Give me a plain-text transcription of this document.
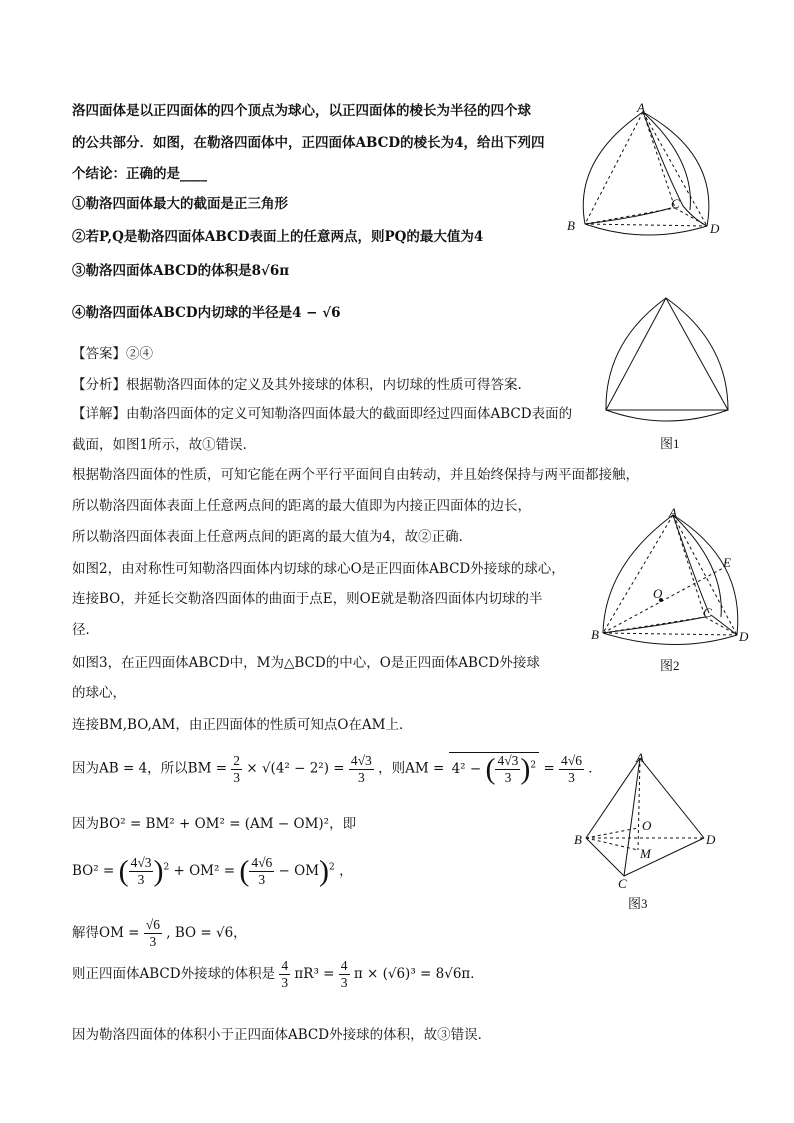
洛四面体是以正四面体的四个顶点为球心，以正四面体的棱长为半径的四个球
的公共部分．如图，在勒洛四面体中，正四面体ABCD的棱长为4，给出下列四
个结论：正确的是____
①勒洛四面体最大的截面是正三角形
②若P,Q是勒洛四面体ABCD表面上的任意两点，则PQ的最大值为4
③勒洛四面体ABCD的体积是8√6π
④勒洛四面体ABCD内切球的半径是4 − √6
【答案】②④
【分析】根据勒洛四面体的定义及其外接球的体积，内切球的性质可得答案.
【详解】由勒洛四面体的定义可知勒洛四面体最大的截面即经过四面体ABCD表面的
截面，如图1所示，故①错误．
根据勒洛四面体的性质，可知它能在两个平行平面间自由转动，并且始终保持与两平面都接触，
所以勒洛四面体表面上任意两点间的距离的最大值即为内接正四面体的边长，
所以勒洛四面体表面上任意两点间的距离的最大值为4，故②正确．
如图2，由对称性可知勒洛四面体内切球的球心O是正四面体ABCD外接球的球心，
连接BO，并延长交勒洛四面体的曲面于点E，则OE就是勒洛四面体内切球的半
径．
如图3，在正四面体ABCD中，M为△BCD的中心，O是正四面体ABCD外接球
的球心，
连接BM,BO,AM，由正四面体的性质可知点O在AM上．
因为AB = 4，所以BM = $\frac{2}{3} \times √(4^2 - 2^2) = \frac{4√3}{3}$ ，则AM = 4² − ( $\frac{4√3}{3} )^2 = \frac{4√6}{3}$ ．
因为BO² = BM² + OM² = (AM − OM)²，即
BO² = ( $\frac{4√3}{3} )^2 + OM^2$ = ( $\frac{4√6}{3} - OM)^2$ ，
解得OM = $\frac{√6}{3}$ , BO = √6，
则正四面体ABCD外接球的体积是 $\frac{4}{3} \pi R^3 = \frac{4}{3}$ π × (√6)³ = 8√6π．
因为勒洛四面体的体积小于正四面体ABCD外接球的体积，故③错误．
A
B
C
D
图1
A
B
C
D
E
O
图2
A
B
C
D
O
M
图3
